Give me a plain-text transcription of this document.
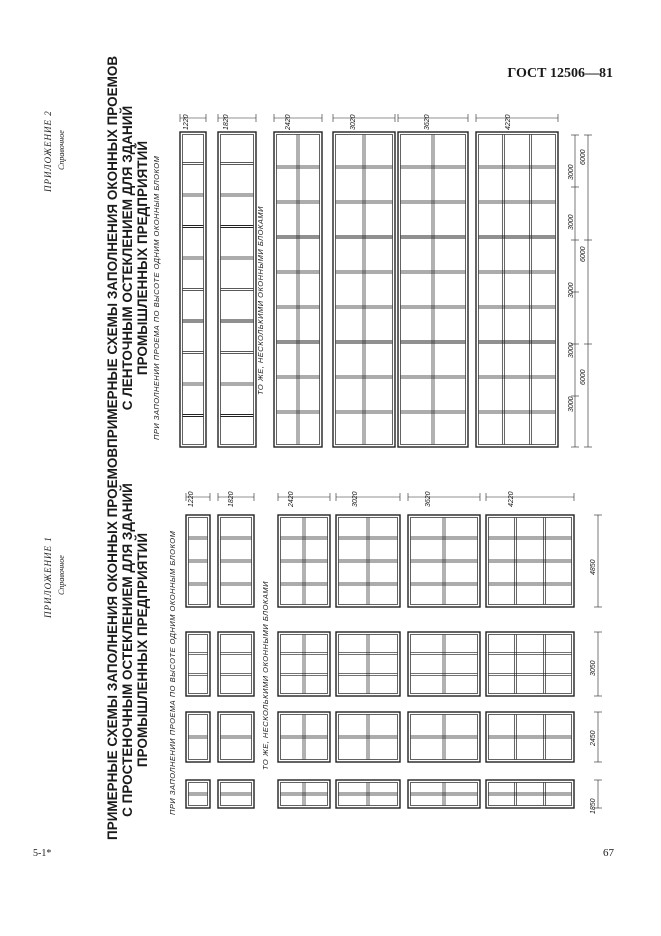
ГОСТ 12506—81
5-1*	67
ПРИЛОЖЕНИЕ 1 Справочное
ПРИЛОЖЕНИЕ 2 Справочное
ПРИМЕРНЫЕ СХЕМЫ ЗАПОЛНЕНИЯ ОКОННЫХ ПРОЕМОВ С ПРОСТЕНОЧНЫМ ОСТЕКЛЕНИЕМ ДЛЯ ЗДАНИЙ ПРОМЫШЛЕННЫХ ПРЕДПРИЯТИЙ ПРИ ЗАПОЛНЕНИИ ПРОЕМА ПО ВЫСОТЕ ОДНИМ ОКОННЫМ БЛОКОМ	ТО ЖЕ, НЕСКОЛЬКИМИ ОКОННЫМИ БЛОКАМИ
ПРИМЕРНЫЕ СХЕМЫ ЗАПОЛНЕНИЯ ОКОННЫХ ПРОЕМОВ С ЛЕНТОЧНЫМ ОСТЕКЛЕНИЕМ ДЛЯ ЗДАНИЙ ПРОМЫШЛЕННЫХ ПРЕДПРИЯТИЙ ПРИ ЗАПОЛНЕНИИ ПРОЕМА ПО ВЫСОТЕ ОДНИМ ОКОННЫМ БЛОКОМ	ТО ЖЕ, НЕСКОЛЬКИМИ ОКОННЫМИ БЛОКАМИ
1220	1820	2420	3020	3620	4220
1850
2450
3050
4850
1220	1820	2420	3020	3620	4220
3000
3000
3000
3000
3000
6000
6000
6000
